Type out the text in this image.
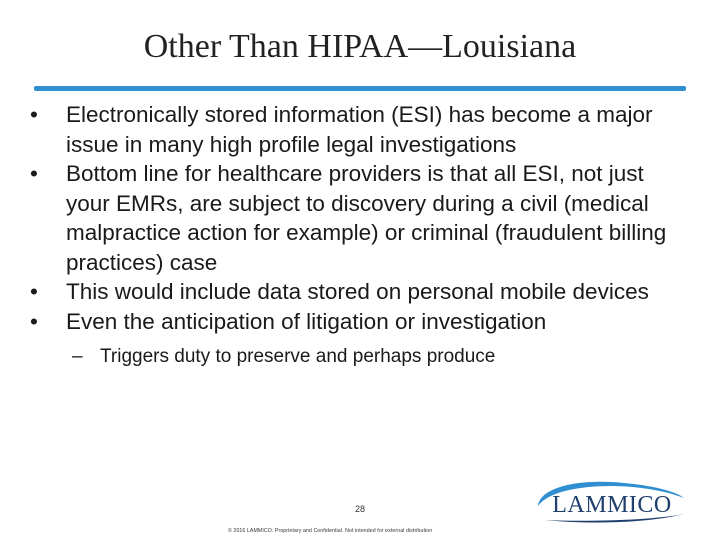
Other Than HIPAA—Louisiana
•	Electronically stored information (ESI) has become a major issue in many high profile legal investigations
•	Bottom line for healthcare providers is that all ESI, not just your EMRs, are subject to discovery during a civil (medical malpractice action for example) or criminal (fraudulent billing practices) case
•	This would include data stored on personal mobile devices
•	Even the anticipation of litigation or investigation
– Triggers duty to preserve and perhaps produce
28
© 2016 LAMMICO. Proprietary and Confidential. Not intended for external distribution
LAMMICO
